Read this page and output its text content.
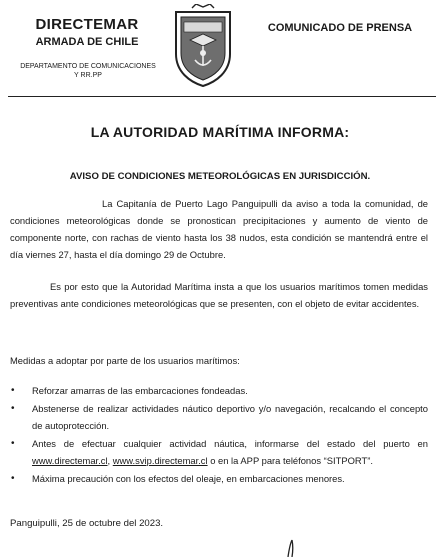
DIRECTEMAR
ARMADA DE CHILE
DEPARTAMENTO DE COMUNICACIONES
Y RR.PP
COMUNICADO DE PRENSA
LA AUTORIDAD MARÍTIMA INFORMA:
AVISO DE CONDICIONES METEOROLÓGICAS EN JURISDICCIÓN.

La Capitanía de Puerto Lago Panguipulli da aviso a toda la comunidad, de condiciones meteorológicas donde se pronostican precipitaciones y aumento de viento de componente norte, con rachas de viento hasta los 38 nudos, esta condición se mantendrá entre el día viernes 27, hasta el día domingo 29 de Octubre.

Es por esto que la Autoridad Marítima insta a que los usuarios marítimos tomen medidas preventivas ante condiciones meteorológicas que se presenten, con el objeto de evitar accidentes.

Medidas a adoptar por parte de los usuarios marítimos:

• Reforzar amarras de las embarcaciones fondeadas.
• Abstenerse de realizar actividades náutico deportivo y/o navegación, recalcando el concepto de autoprotección.
• Antes de efectuar cualquier actividad náutica, informarse del estado del puerto en www.directemar.cl, www.svip.directemar.cl o en la APP para teléfonos “SITPORT”.
• Máxima precaución con los efectos del oleaje, en embarcaciones menores.
Panguipulli, 25 de octubre del 2023.
